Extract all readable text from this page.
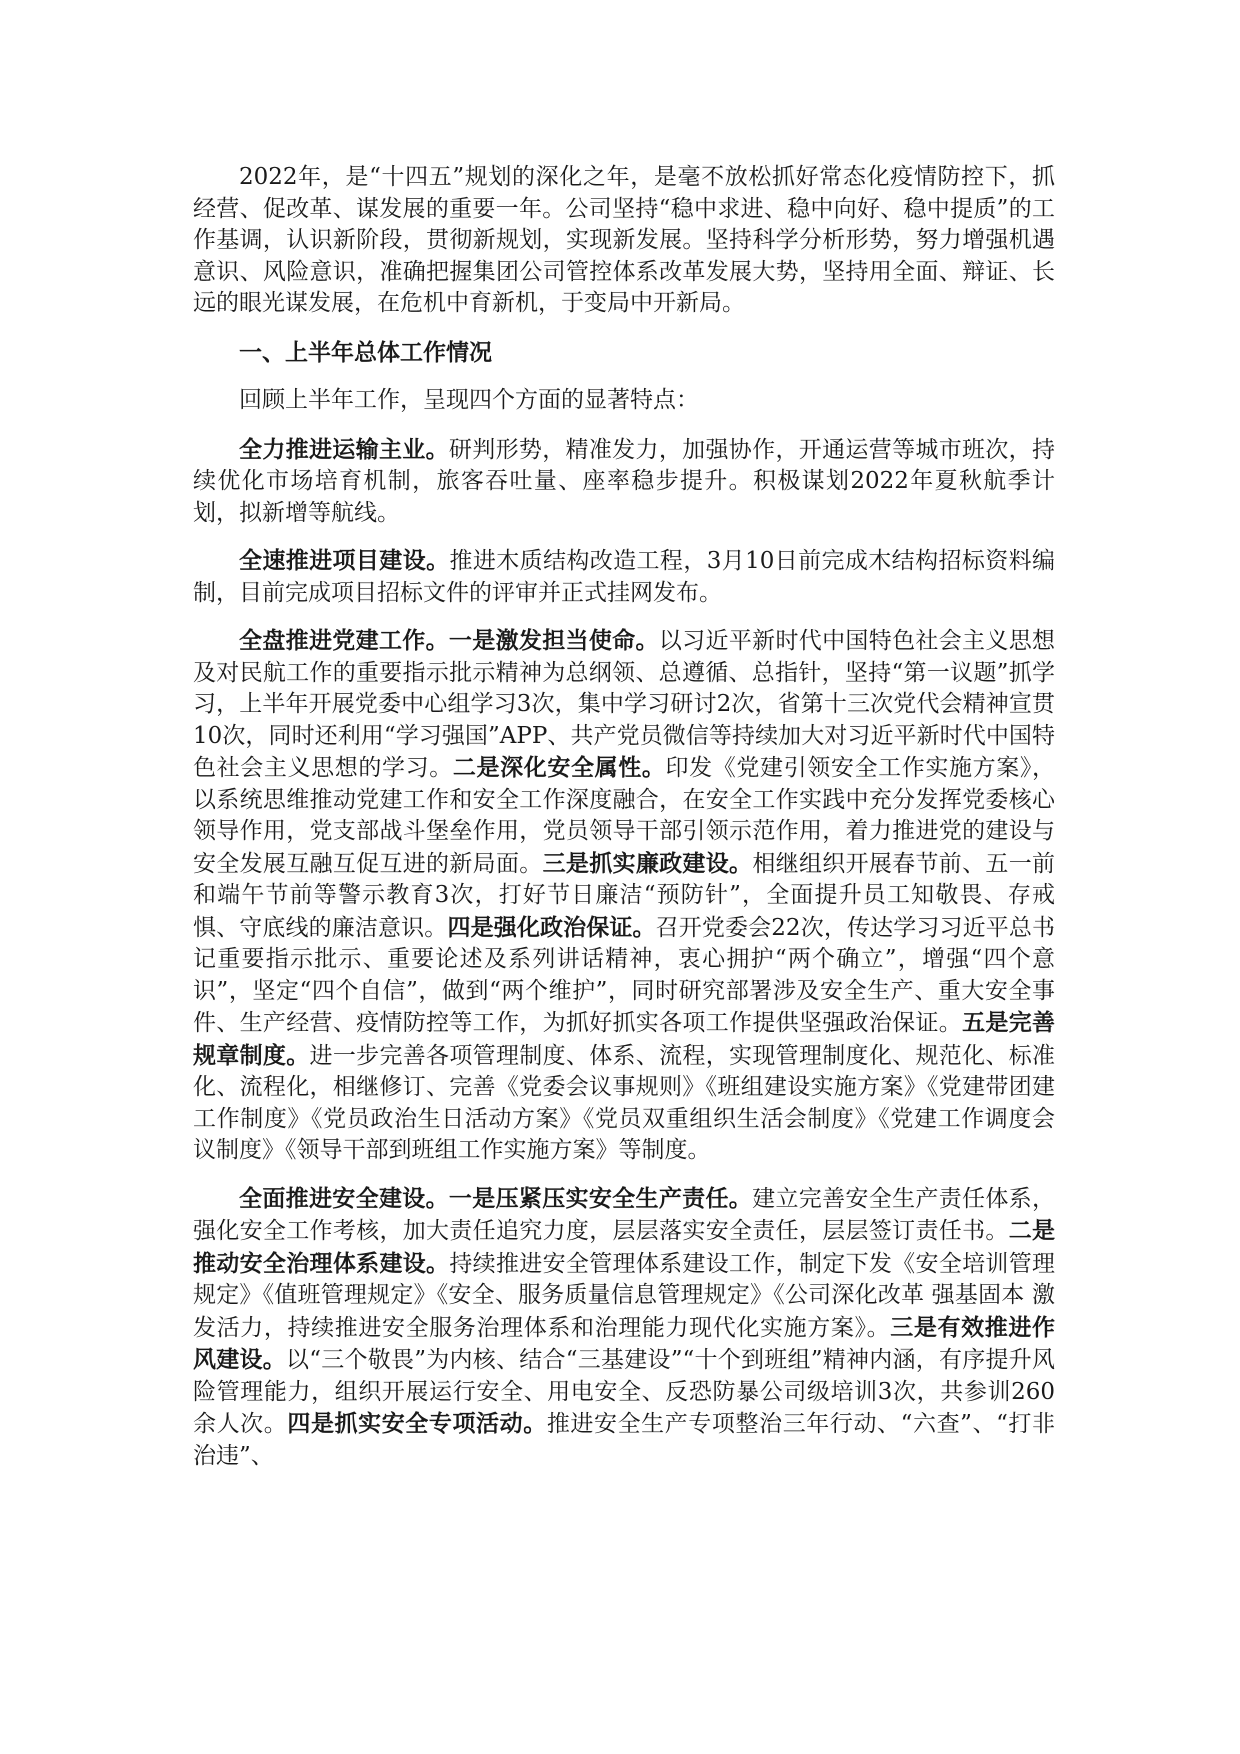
2022年，是“十四五”规划的深化之年，是毫不放松抓好常态化疫情防控下，抓经营、促改革、谋发展的重要一年。公司坚持“稳中求进、稳中向好、稳中提质”的工作基调，认识新阶段，贯彻新规划，实现新发展。坚持科学分析形势，努力增强机遇意识、风险意识，准确把握集团公司管控体系改革发展大势，坚持用全面、辩证、长远的眼光谋发展，在危机中育新机，于变局中开新局。

一、上半年总体工作情况

回顾上半年工作，呈现四个方面的显著特点：

全力推进运输主业。研判形势，精准发力，加强协作，开通运营等城市班次，持续优化市场培育机制，旅客吞吐量、座率稳步提升。积极谋划2022年夏秋航季计划，拟新增等航线。

全速推进项目建设。推进木质结构改造工程，3月10日前完成木结构招标资料编制，目前完成项目招标文件的评审并正式挂网发布。

全盘推进党建工作。一是激发担当使命。以习近平新时代中国特色社会主义思想及对民航工作的重要指示批示精神为总纲领、总遵循、总指针，坚持“第一议题”抓学习，上半年开展党委中心组学习3次，集中学习研讨2次，省第十三次党代会精神宣贯10次，同时还利用“学习强国”APP、共产党员微信等持续加大对习近平新时代中国特色社会主义思想的学习。二是深化安全属性。印发《党建引领安全工作实施方案》，以系统思维推动党建工作和安全工作深度融合，在安全工作实践中充分发挥党委核心领导作用，党支部战斗堡垒作用，党员领导干部引领示范作用，着力推进党的建设与安全发展互融互促互进的新局面。三是抓实廉政建设。相继组织开展春节前、五一前和端午节前等警示教育3次，打好节日廉洁“预防针”，全面提升员工知敬畏、存戒惧、守底线的廉洁意识。四是强化政治保证。召开党委会22次，传达学习习近平总书记重要指示批示、重要论述及系列讲话精神，衷心拥护“两个确立”，增强“四个意识”，坚定“四个自信”，做到“两个维护”，同时研究部署涉及安全生产、重大安全事件、生产经营、疫情防控等工作，为抓好抓实各项工作提供坚强政治保证。五是完善规章制度。进一步完善各项管理制度、体系、流程，实现管理制度化、规范化、标准化、流程化，相继修订、完善《党委会议事规则》《班组建设实施方案》《党建带团建工作制度》《党员政治生日活动方案》《党员双重组织生活会制度》《党建工作调度会议制度》《领导干部到班组工作实施方案》等制度。

全面推进安全建设。一是压紧压实安全生产责任。建立完善安全生产责任体系，强化安全工作考核，加大责任追究力度，层层落实安全责任，层层签订责任书。二是推动安全治理体系建设。持续推进安全管理体系建设工作，制定下发《安全培训管理规定》《值班管理规定》《安全、服务质量信息管理规定》《公司深化改革 强基固本 激发活力，持续推进安全服务治理体系和治理能力现代化实施方案》。三是有效推进作风建设。以“三个敬畏”为内核、结合“三基建设”“十个到班组”精神内涵，有序提升风险管理能力，组织开展运行安全、用电安全、反恐防暴公司级培训3次，共参训260余人次。四是抓实安全专项活动。推进安全生产专项整治三年行动、“六查”、“打非治违”、
